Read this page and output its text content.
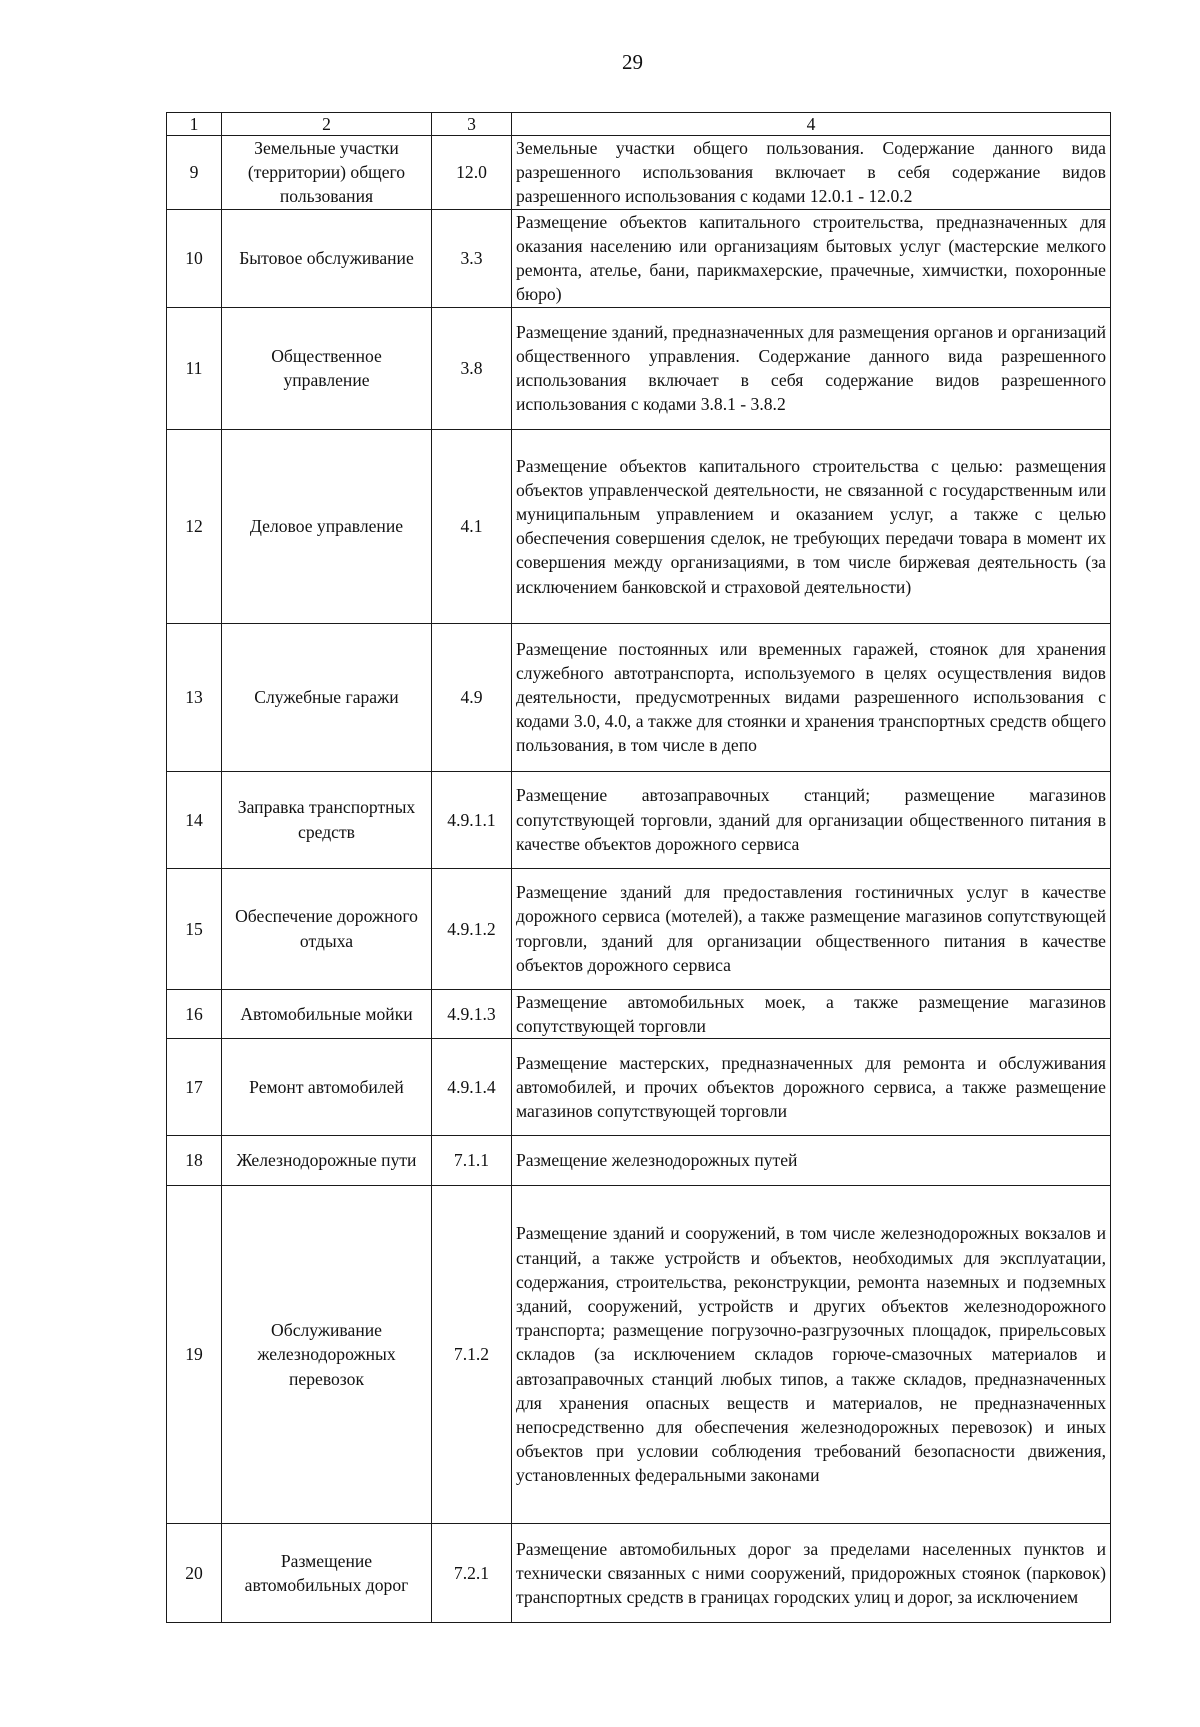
29
1	2	3	4
9	Земельные участки (территории) общего пользования	12.0	Земельные участки общего пользования. Содержание данного вида разрешенного использования включает в себя содержание видов разрешенного использования с кодами 12.0.1 - 12.0.2
10	Бытовое обслуживание	3.3	Размещение объектов капитального строительства, предназначенных для оказания населению или организациям бытовых услуг (мастерские мелкого ремонта, ателье, бани, парикмахерские, прачечные, химчистки, похоронные бюро)
11	Общественное управление	3.8	Размещение зданий, предназначенных для размещения органов и организаций общественного управления. Содержание данного вида разрешенного использования включает в себя содержание видов разрешенного использования с кодами 3.8.1 - 3.8.2
12	Деловое управление	4.1	Размещение объектов капитального строительства с целью: размещения объектов управленческой деятельности, не связанной с государственным или муниципальным управлением и оказанием услуг, а также с целью обеспечения совершения сделок, не требующих передачи товара в момент их совершения между организациями, в том числе биржевая деятельность (за исключением банковской и страховой деятельности)
13	Служебные гаражи	4.9	Размещение постоянных или временных гаражей, стоянок для хранения служебного автотранспорта, используемого в целях осуществления видов деятельности, предусмотренных видами разрешенного использования с кодами 3.0, 4.0, а также для стоянки и хранения транспортных средств общего пользования, в том числе в депо
14	Заправка транспортных средств	4.9.1.1	Размещение автозаправочных станций; размещение магазинов сопутствующей торговли, зданий для организации общественного питания в качестве объектов дорожного сервиса
15	Обеспечение дорожного отдыха	4.9.1.2	Размещение зданий для предоставления гостиничных услуг в качестве дорожного сервиса (мотелей), а также размещение магазинов сопутствующей торговли, зданий для организации общественного питания в качестве объектов дорожного сервиса
16	Автомобильные мойки	4.9.1.3	Размещение автомобильных моек, а также размещение магазинов сопутствующей торговли
17	Ремонт автомобилей	4.9.1.4	Размещение мастерских, предназначенных для ремонта и обслуживания автомобилей, и прочих объектов дорожного сервиса, а также размещение магазинов сопутствующей торговли
18	Железнодорожные пути	7.1.1	Размещение железнодорожных путей
19	Обслуживание железнодорожных перевозок	7.1.2	Размещение зданий и сооружений, в том числе железнодорожных вокзалов и станций, а также устройств и объектов, необходимых для эксплуатации, содержания, строительства, реконструкции, ремонта наземных и подземных зданий, сооружений, устройств и других объектов железнодорожного транспорта; размещение погрузочно-разгрузочных площадок, прирельсовых складов (за исключением складов горюче-смазочных материалов и автозаправочных станций любых типов, а также складов, предназначенных для хранения опасных веществ и материалов, не предназначенных непосредственно для обеспечения железнодорожных перевозок) и иных объектов при условии соблюдения требований безопасности движения, установленных федеральными законами
20	Размещение автомобильных дорог	7.2.1	Размещение автомобильных дорог за пределами населенных пунктов и технически связанных с ними сооружений, придорожных стоянок (парковок) транспортных средств в границах городских улиц и дорог, за исключением
